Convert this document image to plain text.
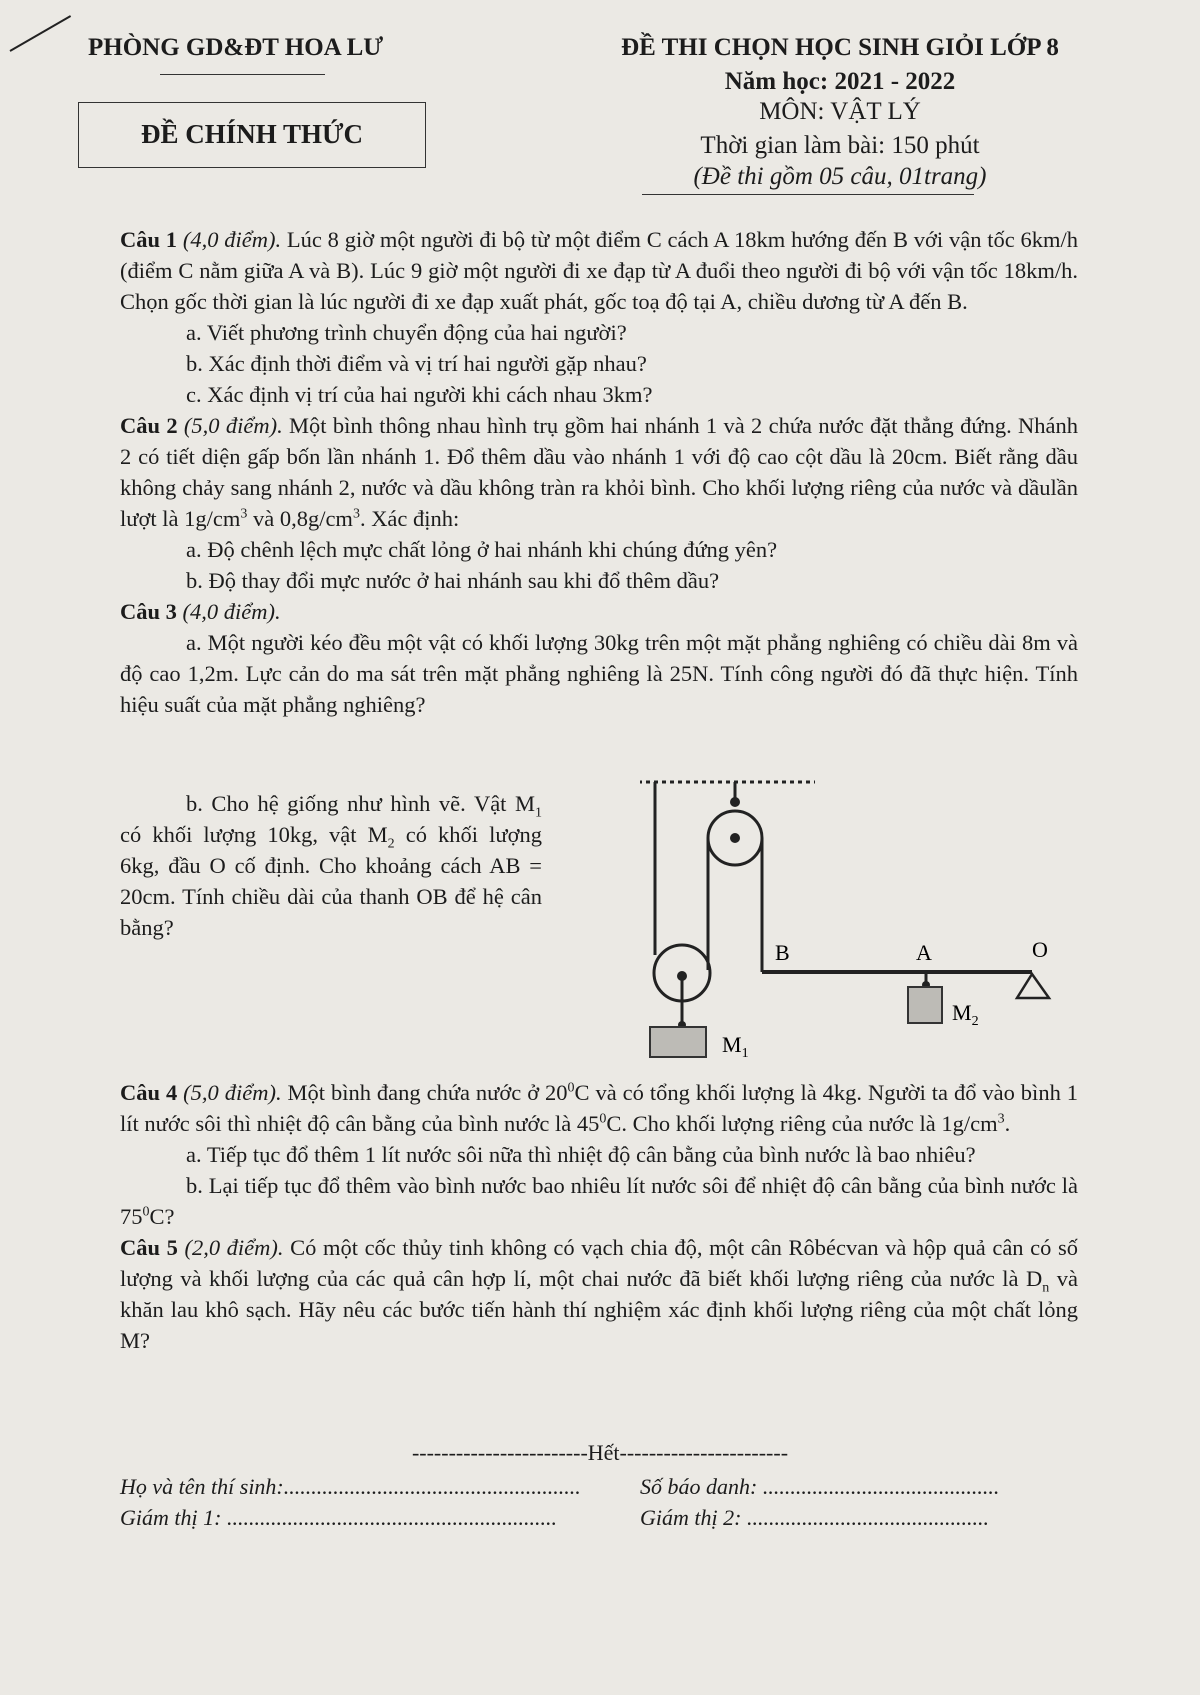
PHÒNG GD&ĐT HOA LƯ
ĐỀ CHÍNH THỨC
ĐỀ THI CHỌN HỌC SINH GIỎI LỚP 8
Năm học: 2021 - 2022
MÔN: VẬT LÝ
Thời gian làm bài: 150 phút
(Đề thi gồm 05 câu, 01trang)

Câu 1 (4,0 điểm). Lúc 8 giờ một người đi bộ từ một điểm C cách A 18km hướng đến B với vận tốc 6km/h (điểm C nằm giữa A và B). Lúc 9 giờ một người đi xe đạp từ A đuổi theo người đi bộ với vận tốc 18km/h. Chọn gốc thời gian là lúc người đi xe đạp xuất phát, gốc toạ độ tại A, chiều dương từ A đến B.

a. Viết phương trình chuyển động của hai người?

b. Xác định thời điểm và vị trí hai người gặp nhau?

c. Xác định vị trí của hai người khi cách nhau 3km?

Câu 2 (5,0 điểm). Một bình thông nhau hình trụ gồm hai nhánh 1 và 2 chứa nước đặt thẳng đứng. Nhánh 2 có tiết diện gấp bốn lần nhánh 1. Đổ thêm dầu vào nhánh 1 với độ cao cột dầu là 20cm. Biết rằng dầu không chảy sang nhánh 2, nước và dầu không tràn ra khỏi bình. Cho khối lượng riêng của nước và dầulần lượt là $1g/cm^3$ và $0,8g/cm^3$. Xác định:

a. Độ chênh lệch mực chất lỏng ở hai nhánh khi chúng đứng yên?

b. Độ thay đổi mực nước ở hai nhánh sau khi đổ thêm dầu?

Câu 3 (4,0 điểm).

a. Một người kéo đều một vật có khối lượng 30kg trên một mặt phẳng nghiêng có chiều dài 8m và độ cao 1,2m. Lực cản do ma sát trên mặt phẳng nghiêng là 25N. Tính công người đó đã thực hiện. Tính hiệu suất của mặt phẳng nghiêng?

b. Cho hệ giống như hình vẽ. Vật $M_1$ có khối lượng 10kg, vật $M_2$ có khối lượng 6kg, đầu O cố định. Cho khoảng cách AB = 20cm. Tính chiều dài của thanh OB để hệ cân bằng?
$M_1$
B	A	O
$M_2$

Câu 4 (5,0 điểm). Một bình đang chứa nước ở $20^0C$ và có tổng khối lượng là 4kg. Người ta đổ vào bình 1 lít nước sôi thì nhiệt độ cân bằng của bình nước là $45^0C$. Cho khối lượng riêng của nước là $1g/cm^3$.

a. Tiếp tục đổ thêm 1 lít nước sôi nữa thì nhiệt độ cân bằng của bình nước là bao nhiêu?

b. Lại tiếp tục đổ thêm vào bình nước bao nhiêu lít nước sôi để nhiệt độ cân bằng của bình nước là $75^0C$?

Câu 5 (2,0 điểm). Có một cốc thủy tinh không có vạch chia độ, một cân Rôbécvan và hộp quả cân có số lượng và khối lượng của các quả cân hợp lí, một chai nước đã biết khối lượng riêng của nước là $D_n$ và khăn lau khô sạch. Hãy nêu các bước tiến hành thí nghiệm xác định khối lượng riêng của một chất lỏng M?

------------------------Hết-----------------------
Họ và tên thí sinh:......................................................	Số báo danh: ...........................................
Giám thị 1: ............................................................	Giám thị 2: ............................................
